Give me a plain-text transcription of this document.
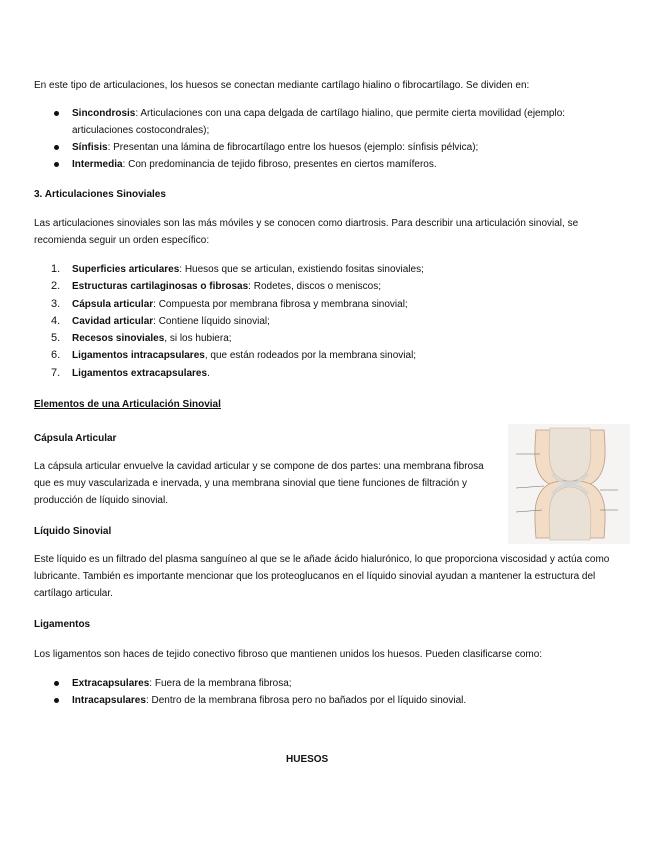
En este tipo de articulaciones, los huesos se conectan mediante cartílago hialino o fibrocartílago. Se dividen en:

Sincondrosis: Articulaciones con una capa delgada de cartílago hialino, que permite cierta movilidad (ejemplo: articulaciones costocondrales);
Sínfisis: Presentan una lámina de fibrocartílago entre los huesos (ejemplo: sínfisis pélvica);
Intermedia: Con predominancia de tejido fibroso, presentes en ciertos mamíferos.

3. Articulaciones Sinoviales

Las articulaciones sinoviales son las más móviles y se conocen como diartrosis. Para describir una articulación sinovial, se recomienda seguir un orden específico:

1. Superficies articulares: Huesos que se articulan, existiendo fositas sinoviales;
2. Estructuras cartilaginosas o fibrosas: Rodetes, discos o meniscos;
3. Cápsula articular: Compuesta por membrana fibrosa y membrana sinovial;
4. Cavidad articular: Contiene líquido sinovial;
5. Recesos sinoviales, si los hubiera;
6. Ligamentos intracapsulares, que están rodeados por la membrana sinovial;
7. Ligamentos extracapsulares.

Elementos de una Articulación Sinovial

Cápsula Articular

La cápsula articular envuelve la cavidad articular y se compone de dos partes: una membrana fibrosa que es muy vascularizada e inervada, y una membrana sinovial que tiene funciones de filtración y producción de líquido sinovial.

Líquido Sinovial

Este líquido es un filtrado del plasma sanguíneo al que se le añade ácido hialurónico, lo que proporciona viscosidad y actúa como lubricante. También es importante mencionar que los proteoglucanos en el líquido sinovial ayudan a mantener la estructura del cartílago articular.

Ligamentos

Los ligamentos son haces de tejido conectivo fibroso que mantienen unidos los huesos. Pueden clasificarse como:

Extracapsulares: Fuera de la membrana fibrosa;
Intracapsulares: Dentro de la membrana fibrosa pero no bañados por el líquido sinovial.

HUESOS
